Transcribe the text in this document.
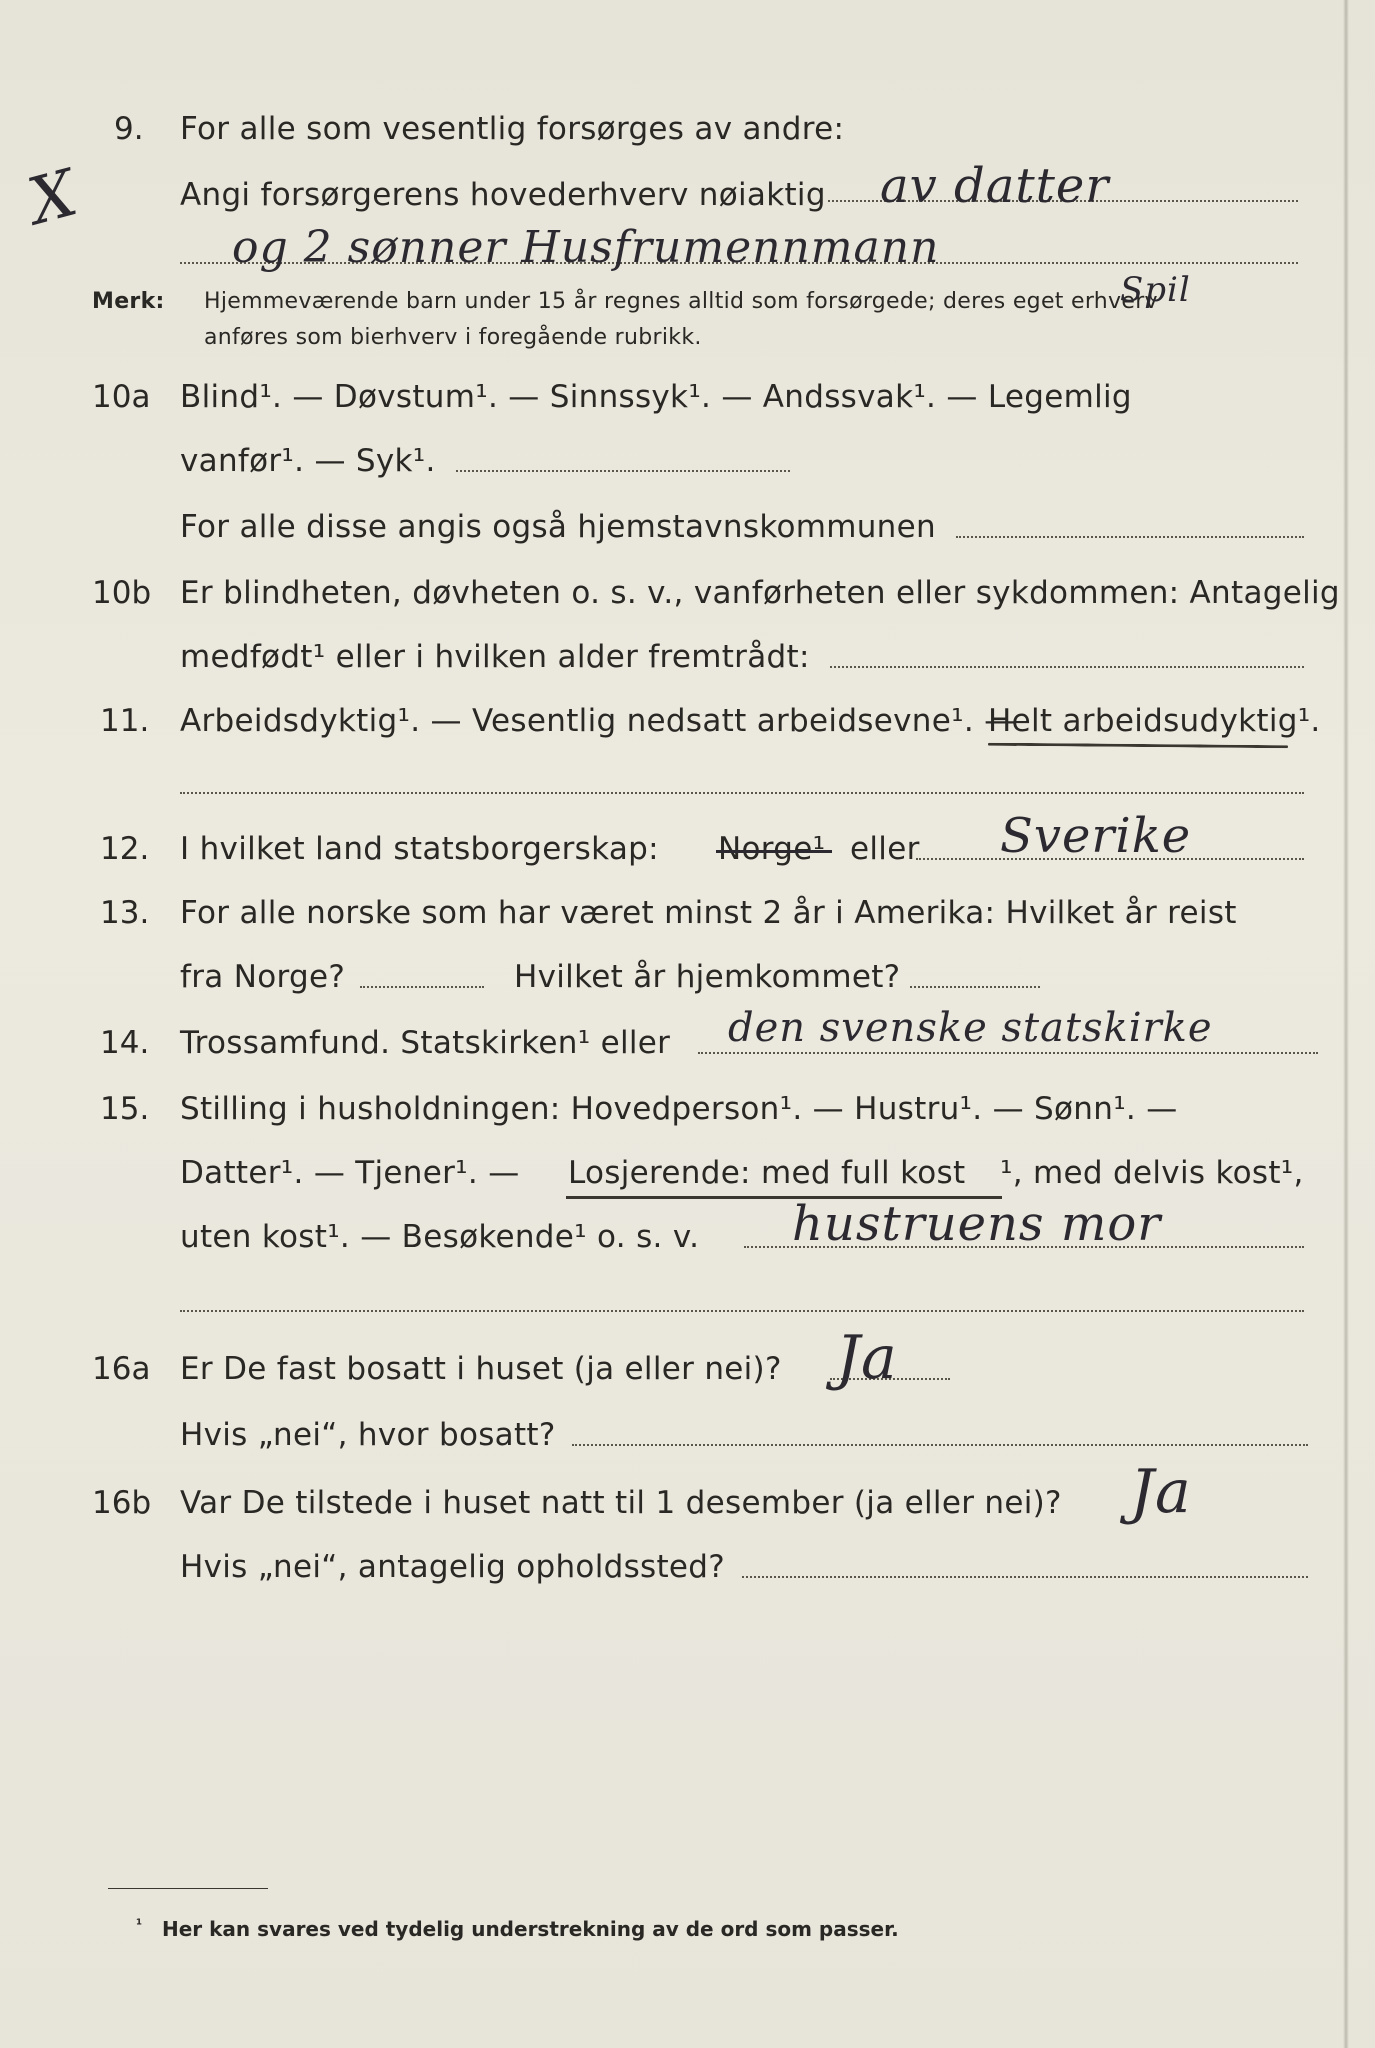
9. For alle som vesentlig forsørges av andre:
Angi forsørgerens hovederhverv nøiaktig av datter
og 2 sønner Husfrumennmann
X
Merk: Hjemmeværende barn under 15 år regnes alltid som forsørgede; deres eget erhverv
anføres som bierhverv i foregående rubrikk.
Spil
10a Blind¹. — Døvstum¹. — Sinnssyk¹. — Andssvak¹. — Legemlig
vanfør¹. — Syk¹.
For alle disse angis også hjemstavnskommunen
10b Er blindheten, døvheten o. s. v., vanførheten eller sykdommen: Antagelig
medfødt¹ eller i hvilken alder fremtrådt:
11. Arbeidsdyktig¹. — Vesentlig nedsatt arbeidsevne¹. —
Helt arbeidsudyktig¹.
12. I hvilket land statsborgerskap: Norge¹ eller Sverike
13. For alle norske som har været minst 2 år i Amerika: Hvilket år reist
fra Norge?	Hvilket år hjemkommet?
14. Trossamfund. Statskirken¹ eller den svenske statskirke
15. Stilling i husholdningen: Hovedperson¹. — Hustru¹. — Sønn¹. —
Datter¹. — Tjener¹. — Losjerende: med full kost ¹, med delvis kost¹,
uten kost¹. — Besøkende¹ o. s. v. hustruens mor
16a Er De fast bosatt i huset (ja eller nei)? Ja
Hvis „nei“, hvor bosatt?
16b Var De tilstede i huset natt til 1 desember (ja eller nei)? Ja
Hvis „nei“, antagelig opholdssted?
¹ Her kan svares ved tydelig understrekning av de ord som passer.
